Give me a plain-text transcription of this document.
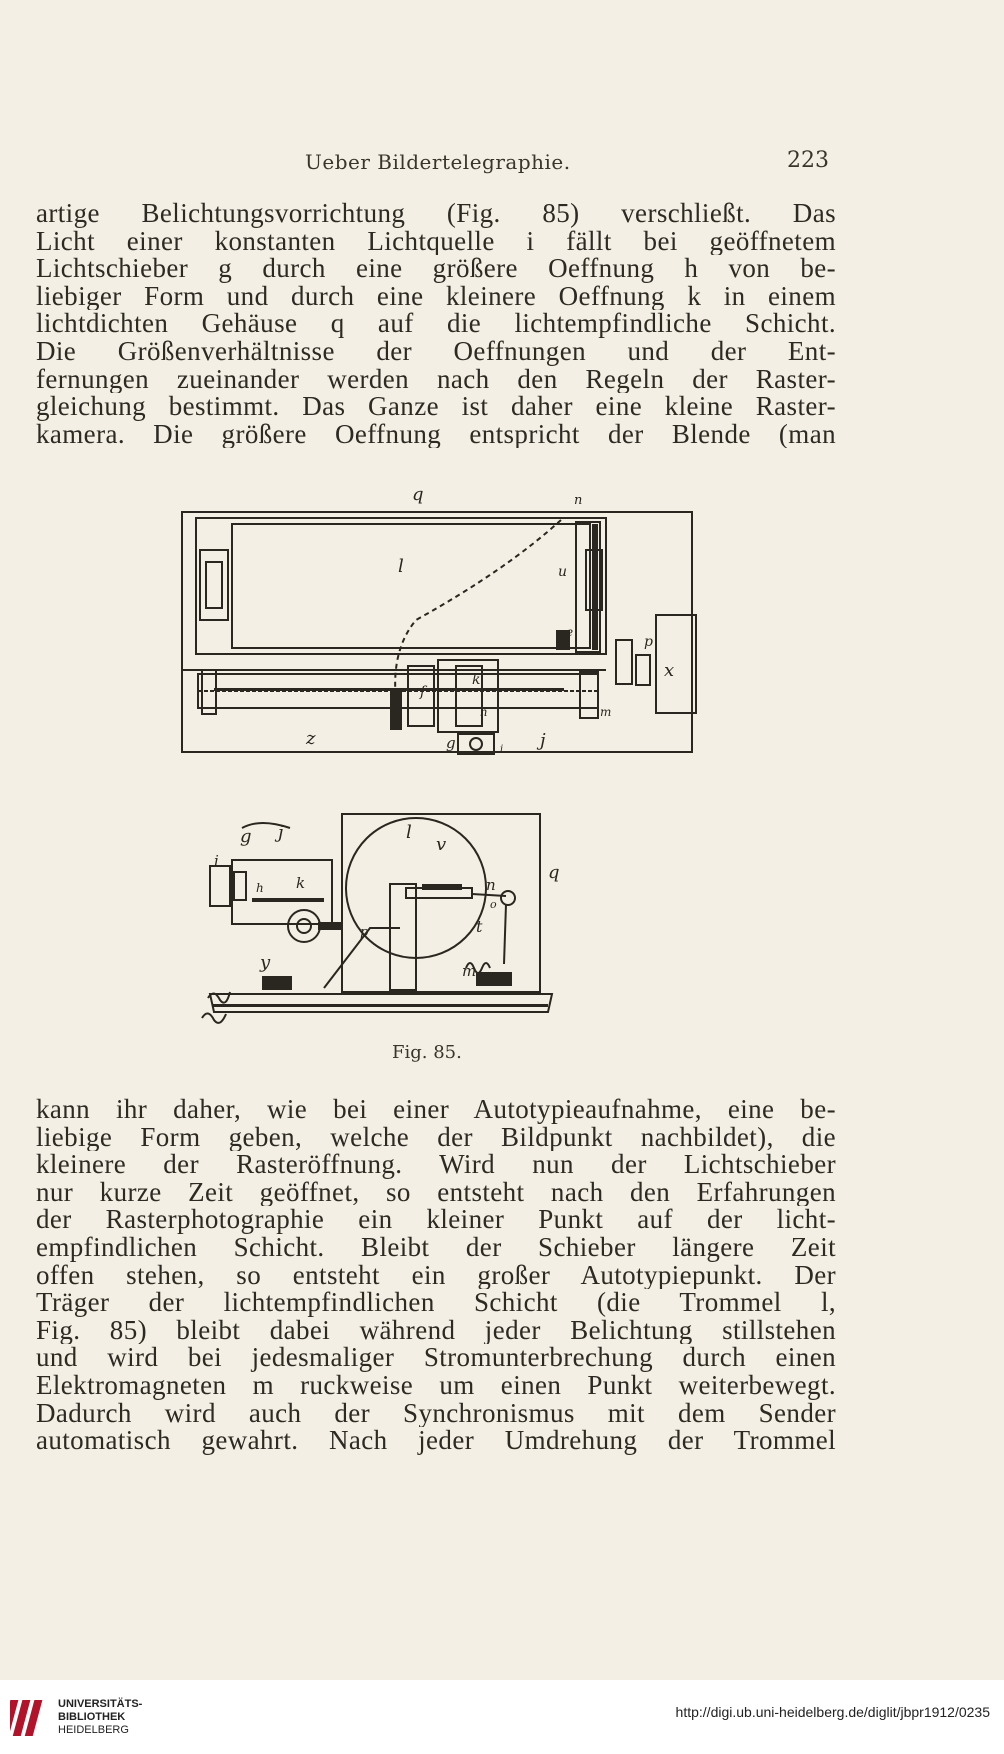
Ueber Bildertelegraphie.	223
artige Belichtungsvorrichtung (Fig. 85) verschließt. Das
Licht einer konstanten Lichtquelle i fällt bei geöffnetem
Lichtschieber g durch eine größere Oeffnung h von be-
liebiger Form und durch eine kleinere Oeffnung k in einem
lichtdichten Gehäuse q auf die lichtempfindliche Schicht.
Die Größenverhältnisse der Oeffnungen und der Ent-
fernungen zueinander werden nach den Regeln der Raster-
gleichung bestimmt. Das Ganze ist daher eine kleine Raster-
kamera. Die größere Oeffnung entspricht der Blende (man
q	n
l	u
e
p
x
f
k
h
z	g	j
i
m
g j
i
h k
l
v
n
o
q
t
y	m
p
Fig. 85.
kann ihr daher, wie bei einer Autotypieaufnahme, eine be-
liebige Form geben, welche der Bildpunkt nachbildet), die
kleinere der Rasteröffnung. Wird nun der Lichtschieber
nur kurze Zeit geöffnet, so entsteht nach den Erfahrungen
der Rasterphotographie ein kleiner Punkt auf der licht-
empfindlichen Schicht. Bleibt der Schieber längere Zeit
offen stehen, so entsteht ein großer Autotypiepunkt. Der
Träger der lichtempfindlichen Schicht (die Trommel l,
Fig. 85) bleibt dabei während jeder Belichtung stillstehen
und wird bei jedesmaliger Stromunterbrechung durch einen
Elektromagneten m ruckweise um einen Punkt weiterbewegt.
Dadurch wird auch der Synchronismus mit dem Sender
automatisch gewahrt. Nach jeder Umdrehung der Trommel
UNIVERSITÄTS-
BIBLIOTHEK
HEIDELBERG
http://digi.ub.uni-heidelberg.de/diglit/jbpr1912/0235
